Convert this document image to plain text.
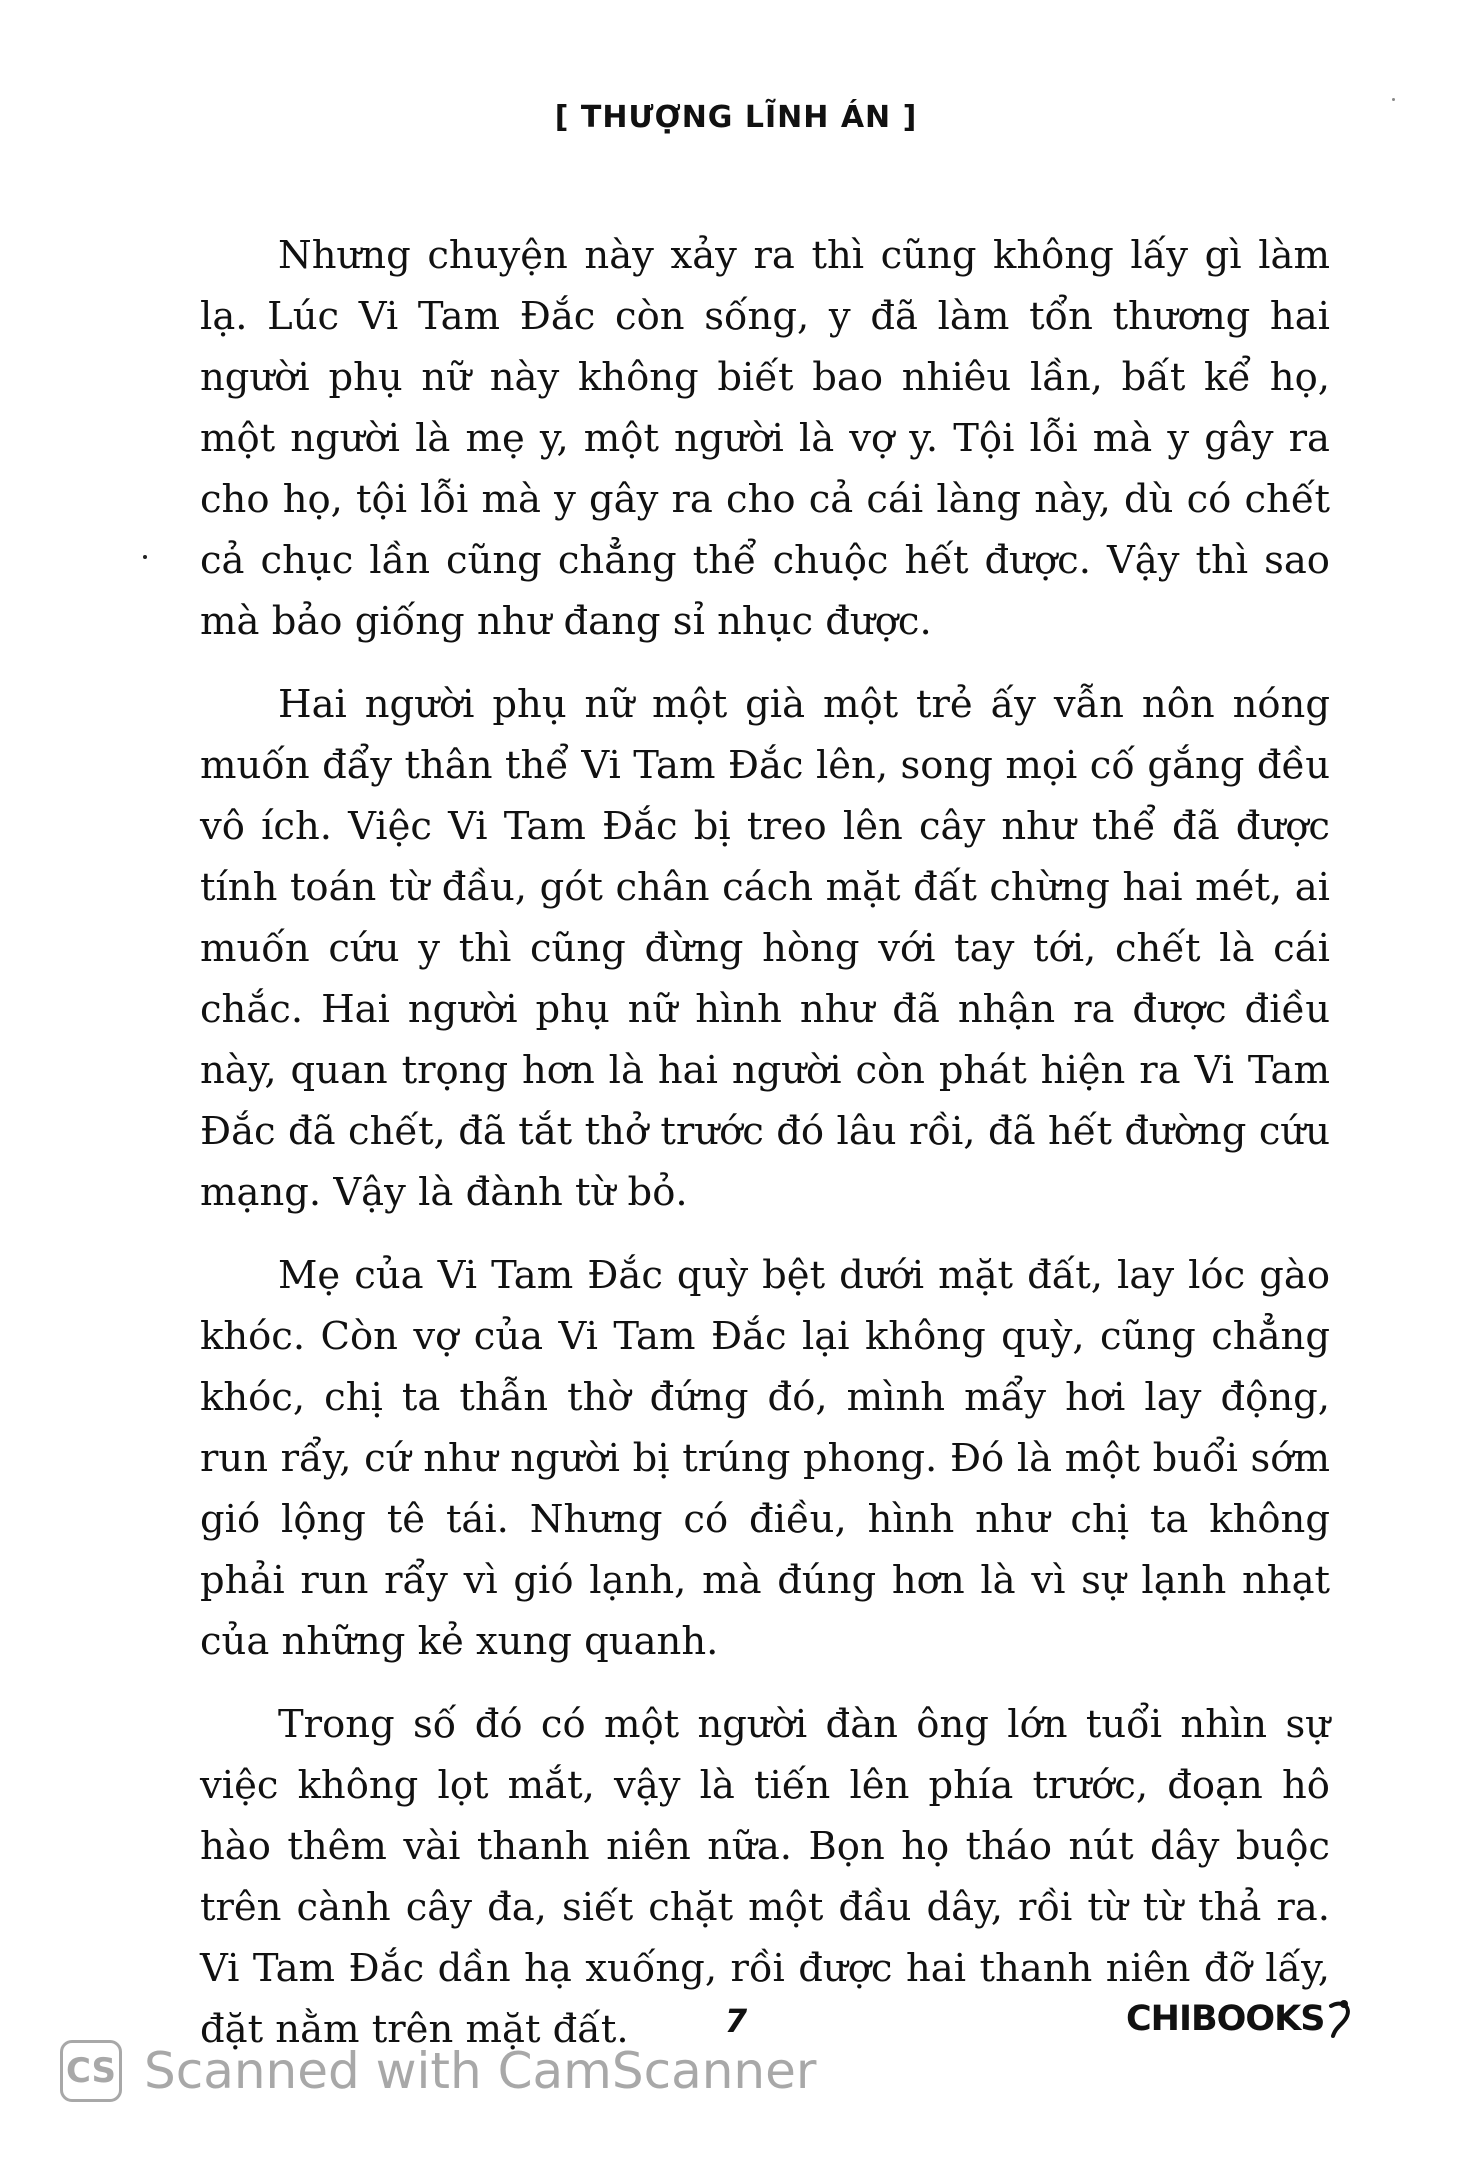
[ THƯỢNG LĨNH ÁN ]

Nhưng chuyện này xảy ra thì cũng không lấy gì làm lạ. Lúc Vi Tam Đắc còn sống, y đã làm tổn thương hai người phụ nữ này không biết bao nhiêu lần, bất kể họ, một người là mẹ y, một người là vợ y. Tội lỗi mà y gây ra cho họ, tội lỗi mà y gây ra cho cả cái làng này, dù có chết cả chục lần cũng chẳng thể chuộc hết được. Vậy thì sao mà bảo giống như đang sỉ nhục được.

Hai người phụ nữ một già một trẻ ấy vẫn nôn nóng muốn đẩy thân thể Vi Tam Đắc lên, song mọi cố gắng đều vô ích. Việc Vi Tam Đắc bị treo lên cây như thể đã được tính toán từ đầu, gót chân cách mặt đất chừng hai mét, ai muốn cứu y thì cũng đừng hòng với tay tới, chết là cái chắc. Hai người phụ nữ hình như đã nhận ra được điều này, quan trọng hơn là hai người còn phát hiện ra Vi Tam Đắc đã chết, đã tắt thở trước đó lâu rồi, đã hết đường cứu mạng. Vậy là đành từ bỏ.

Mẹ của Vi Tam Đắc quỳ bệt dưới mặt đất, lay lóc gào khóc. Còn vợ của Vi Tam Đắc lại không quỳ, cũng chẳng khóc, chị ta thẫn thờ đứng đó, mình mẩy hơi lay động, run rẩy, cứ như người bị trúng phong. Đó là một buổi sớm gió lộng tê tái. Nhưng có điều, hình như chị ta không phải run rẩy vì gió lạnh, mà đúng hơn là vì sự lạnh nhạt của những kẻ xung quanh.

Trong số đó có một người đàn ông lớn tuổi nhìn sự việc không lọt mắt, vậy là tiến lên phía trước, đoạn hô hào thêm vài thanh niên nữa. Bọn họ tháo nút dây buộc trên cành cây đa, siết chặt một đầu dây, rồi từ từ thả ra. Vi Tam Đắc dần hạ xuống, rồi được hai thanh niên đỡ lấy, đặt nằm trên mặt đất.	7	CHIBOOKS
CS Scanned with CamScanner
